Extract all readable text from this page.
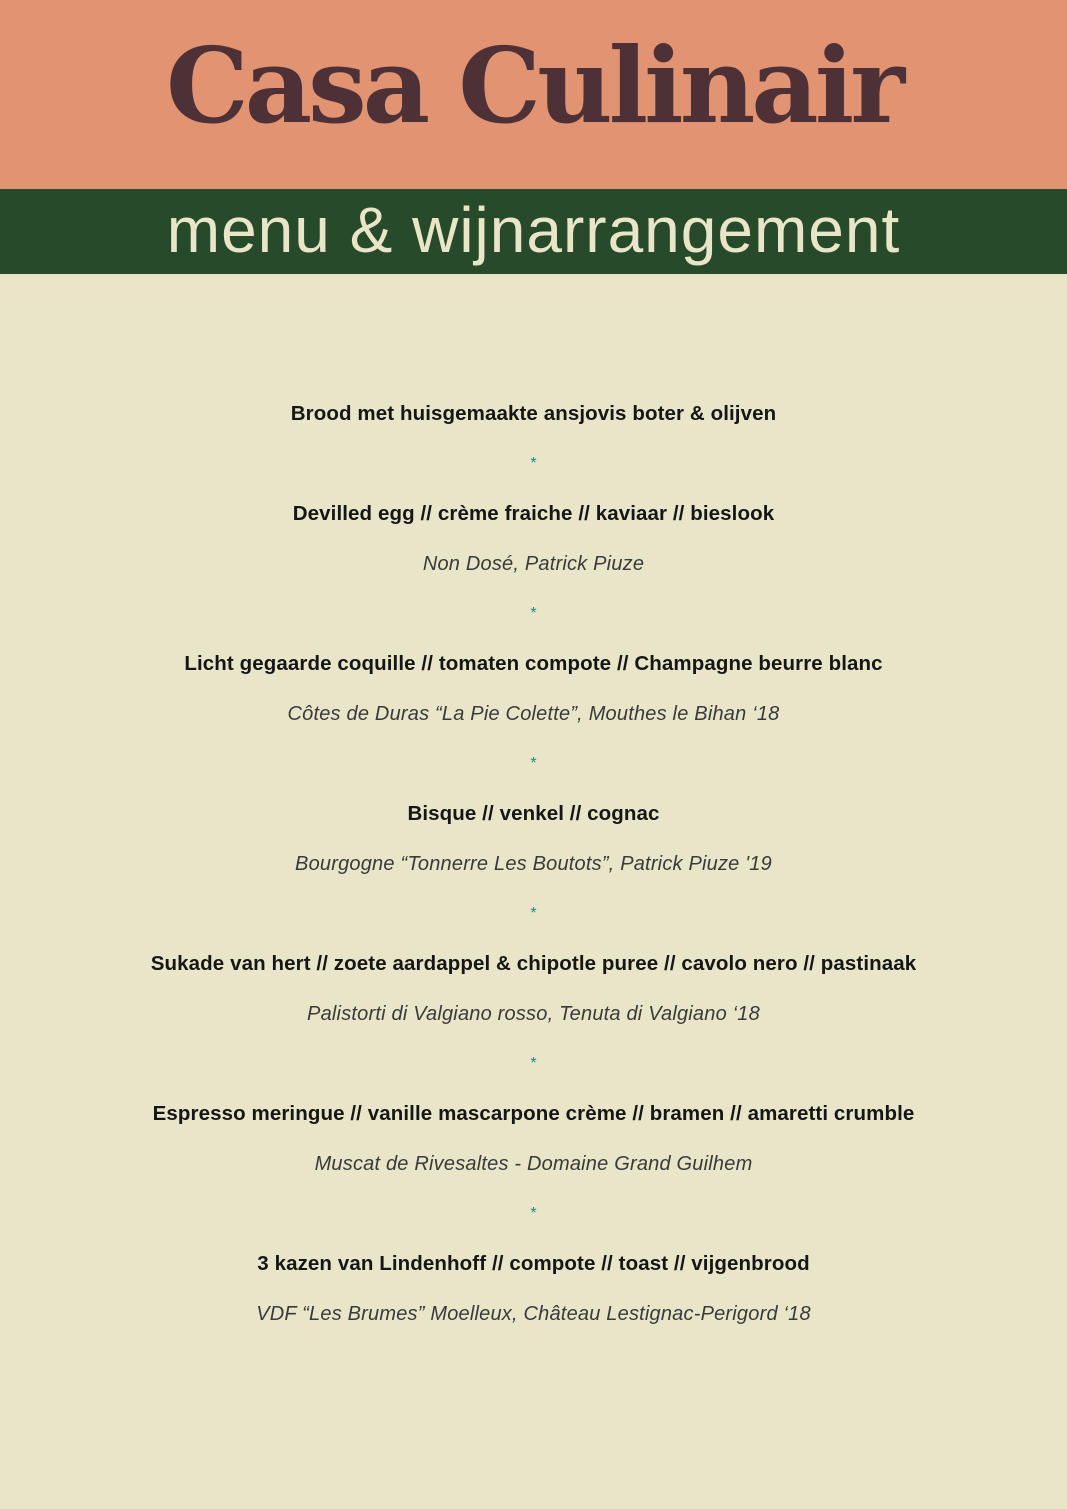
Casa Culinair
menu & wijnarrangement
Brood met huisgemaakte ansjovis boter & olijven
*
Devilled egg // crème fraiche // kaviaar // bieslook
Non Dosé, Patrick Piuze
*
Licht gegaarde coquille // tomaten compote // Champagne beurre blanc
Côtes de Duras “La Pie Colette”, Mouthes le Bihan ‘18
*
Bisque // venkel // cognac
Bourgogne “Tonnerre Les Boutots”, Patrick Piuze '19
*
Sukade van hert // zoete aardappel & chipotle puree // cavolo nero // pastinaak
Palistorti di Valgiano rosso, Tenuta di Valgiano ‘18
*
Espresso meringue // vanille mascarpone crème // bramen // amaretti crumble
Muscat de Rivesaltes - Domaine Grand Guilhem
*
3 kazen van Lindenhoff // compote // toast // vijgenbrood
VDF “Les Brumes” Moelleux, Château Lestignac-Perigord ‘18
